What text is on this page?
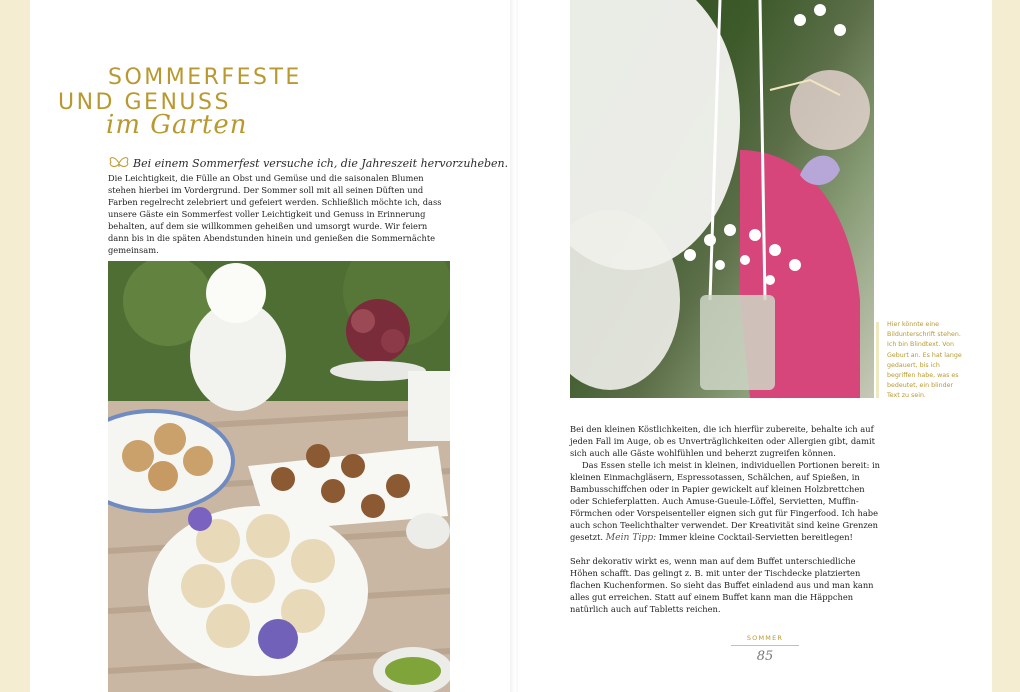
SOMMERFESTE
UND GENUSS
im Garten
Bei einem Sommerfest versuche ich, die Jahreszeit hervorzuheben.

Die Leichtigkeit, die Fülle an Obst und Gemüse und die saisonalen Blumen stehen hierbei im Vordergrund. Der Sommer soll mit all seinen Düften und Farben regelrecht zelebriert und gefeiert werden. Schließlich möchte ich, dass unsere Gäste ein Sommerfest voller Leichtigkeit und Genuss in Erinnerung behalten, auf dem sie willkommen geheißen und umsorgt wurde. Wir feiern dann bis in die späten Abendstunden hinein und genießen die Sommernächte gemeinsam.

Hier könnte eine Bildunterschrift stehen. Ich bin Blindtext. Von Geburt an. Es hat lange gedauert, bis ich begriffen habe, was es bedeutet, ein blinder Text zu sein.

Bei den kleinen Köstlichkeiten, die ich hierfür zubereite, behalte ich auf jeden Fall im Auge, ob es Unverträglichkeiten oder Allergien gibt, damit sich auch alle Gäste wohlfühlen und beherzt zugreifen können.
Das Essen stelle ich meist in kleinen, individuellen Portionen bereit: in kleinen Einmachgläsern, Espressotassen, Schälchen, auf Spießen, in Bambusschiffchen oder in Papier gewickelt auf kleinen Holzbrettchen oder Schieferplatten. Auch Amuse-Gueule-Löffel, Servietten, Muffin-Förmchen oder Vorspeisenteller eignen sich gut für Fingerfood. Ich habe auch schon Teelichthalter verwendet. Der Kreativität sind keine Grenzen gesetzt. Mein Tipp: Immer kleine Cocktail-Servietten bereitlegen!

Sehr dekorativ wirkt es, wenn man auf dem Buffet unterschiedliche Höhen schafft. Das gelingt z. B. mit unter der Tischdecke platzierten flachen Kuchenformen. So sieht das Buffet einladend aus und man kann alles gut erreichen. Statt auf einem Buffet kann man die Häppchen natürlich auch auf Tabletts reichen.

SOMMER
85
